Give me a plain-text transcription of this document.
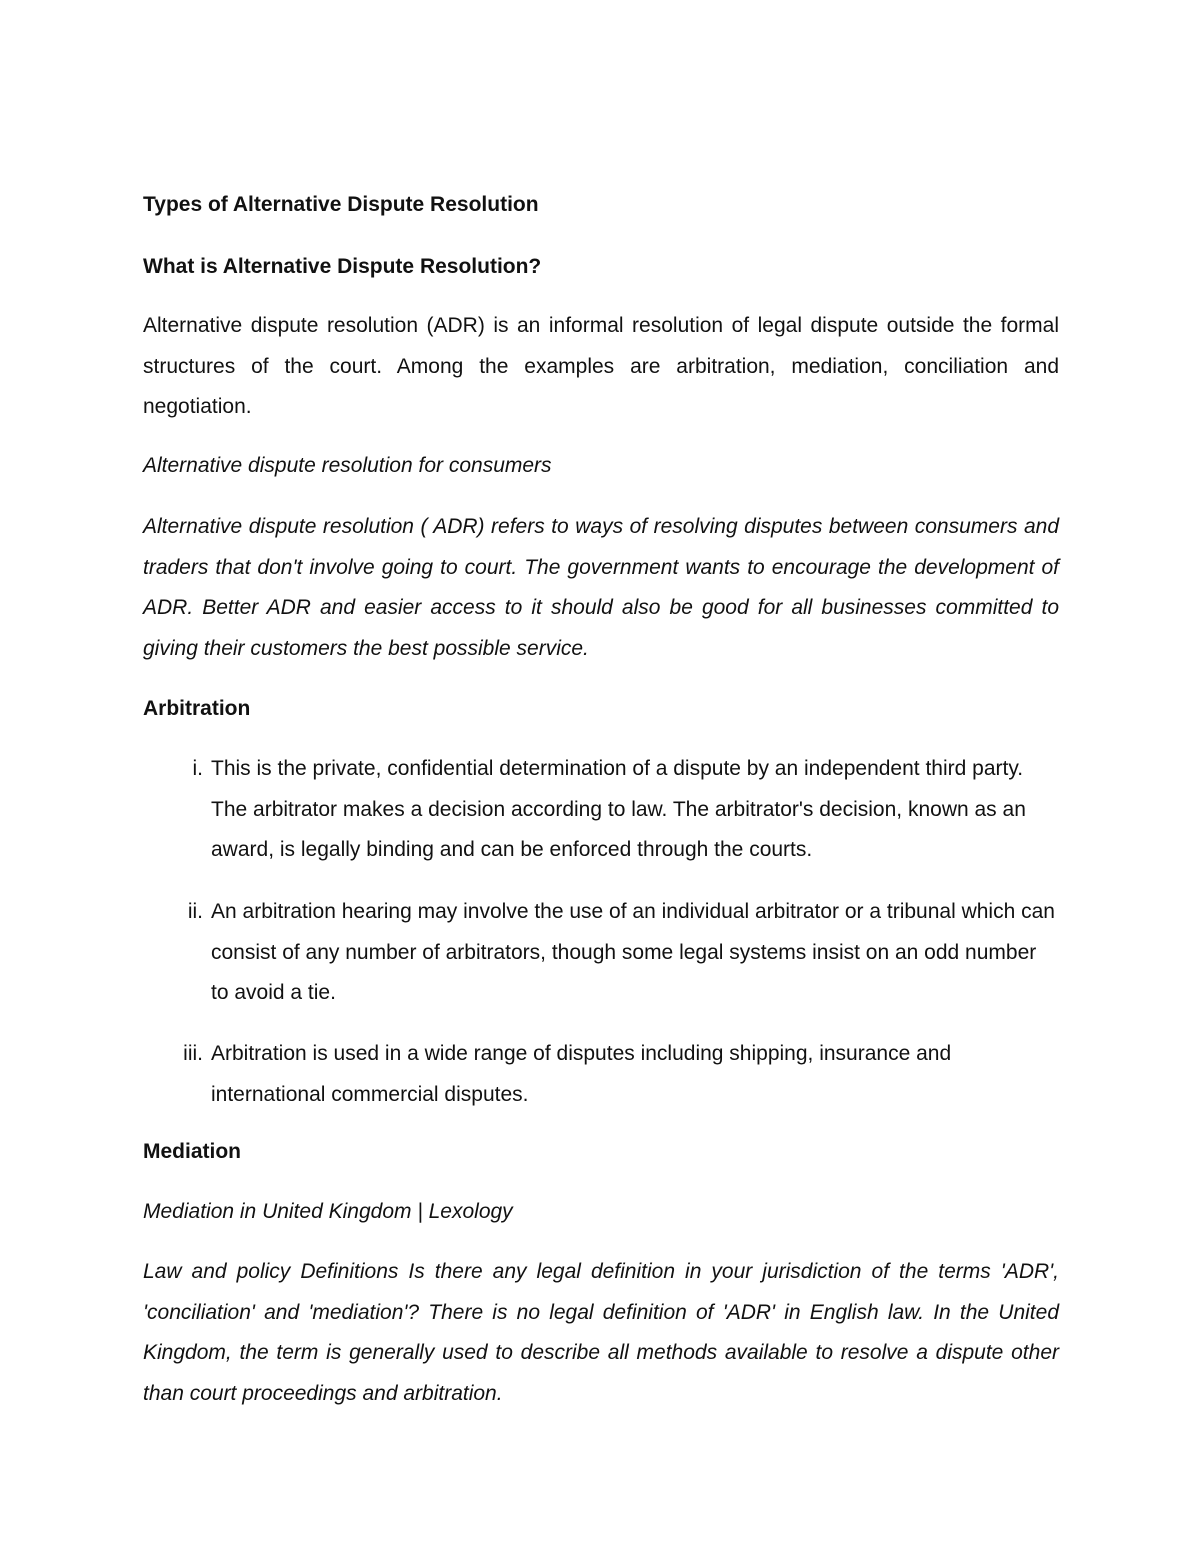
Types of Alternative Dispute Resolution

What is Alternative Dispute Resolution?

Alternative dispute resolution (ADR) is an informal resolution of legal dispute outside the formal structures of the court. Among the examples are arbitration, mediation, conciliation and negotiation.

Alternative dispute resolution for consumers

Alternative dispute resolution ( ADR) refers to ways of resolving disputes between consumers and traders that don't involve going to court. The government wants to encourage the development of ADR. Better ADR and easier access to it should also be good for all businesses committed to giving their customers the best possible service.

Arbitration

i. This is the private, confidential determination of a dispute by an independent third party. The arbitrator makes a decision according to law. The arbitrator's decision, known as an award, is legally binding and can be enforced through the courts.
ii. An arbitration hearing may involve the use of an individual arbitrator or a tribunal which can consist of any number of arbitrators, though some legal systems insist on an odd number to avoid a tie.
iii. Arbitration is used in a wide range of disputes including shipping, insurance and international commercial disputes.

Mediation

Mediation in United Kingdom | Lexology

Law and policy Definitions Is there any legal definition in your jurisdiction of the terms 'ADR', 'conciliation' and 'mediation'? There is no legal definition of 'ADR' in English law. In the United Kingdom, the term is generally used to describe all methods available to resolve a dispute other than court proceedings and arbitration.
